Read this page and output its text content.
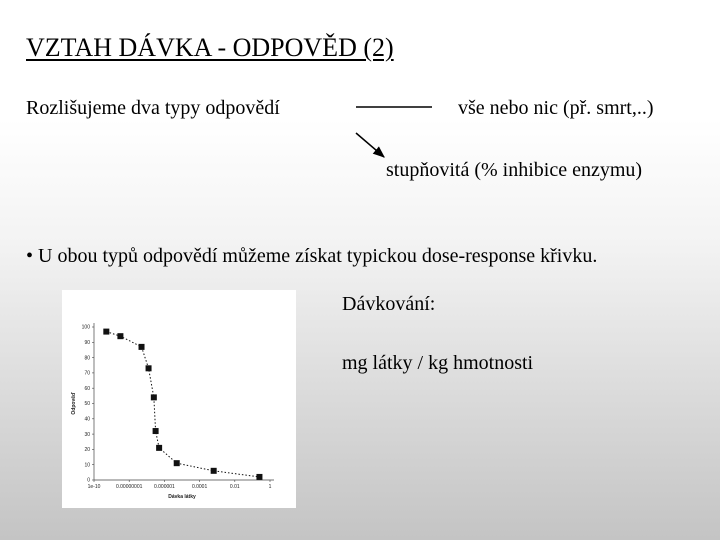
VZTAH DÁVKA - ODPOVĚD (2)
Rozlišujeme dva typy odpovědí	vše nebo nic (př. smrt,..)
stupňovitá (% inhibice enzymu)
• U obou typů odpovědí můžeme získat typickou dose-response křivku.
0
10
20
30
40
50
60
70
80
90
100
1e-10	0.00000001 0.000001	0.0001	0.01	1
Odpověď
Dávka látky
Dávkování:
mg látky / kg hmotnosti
